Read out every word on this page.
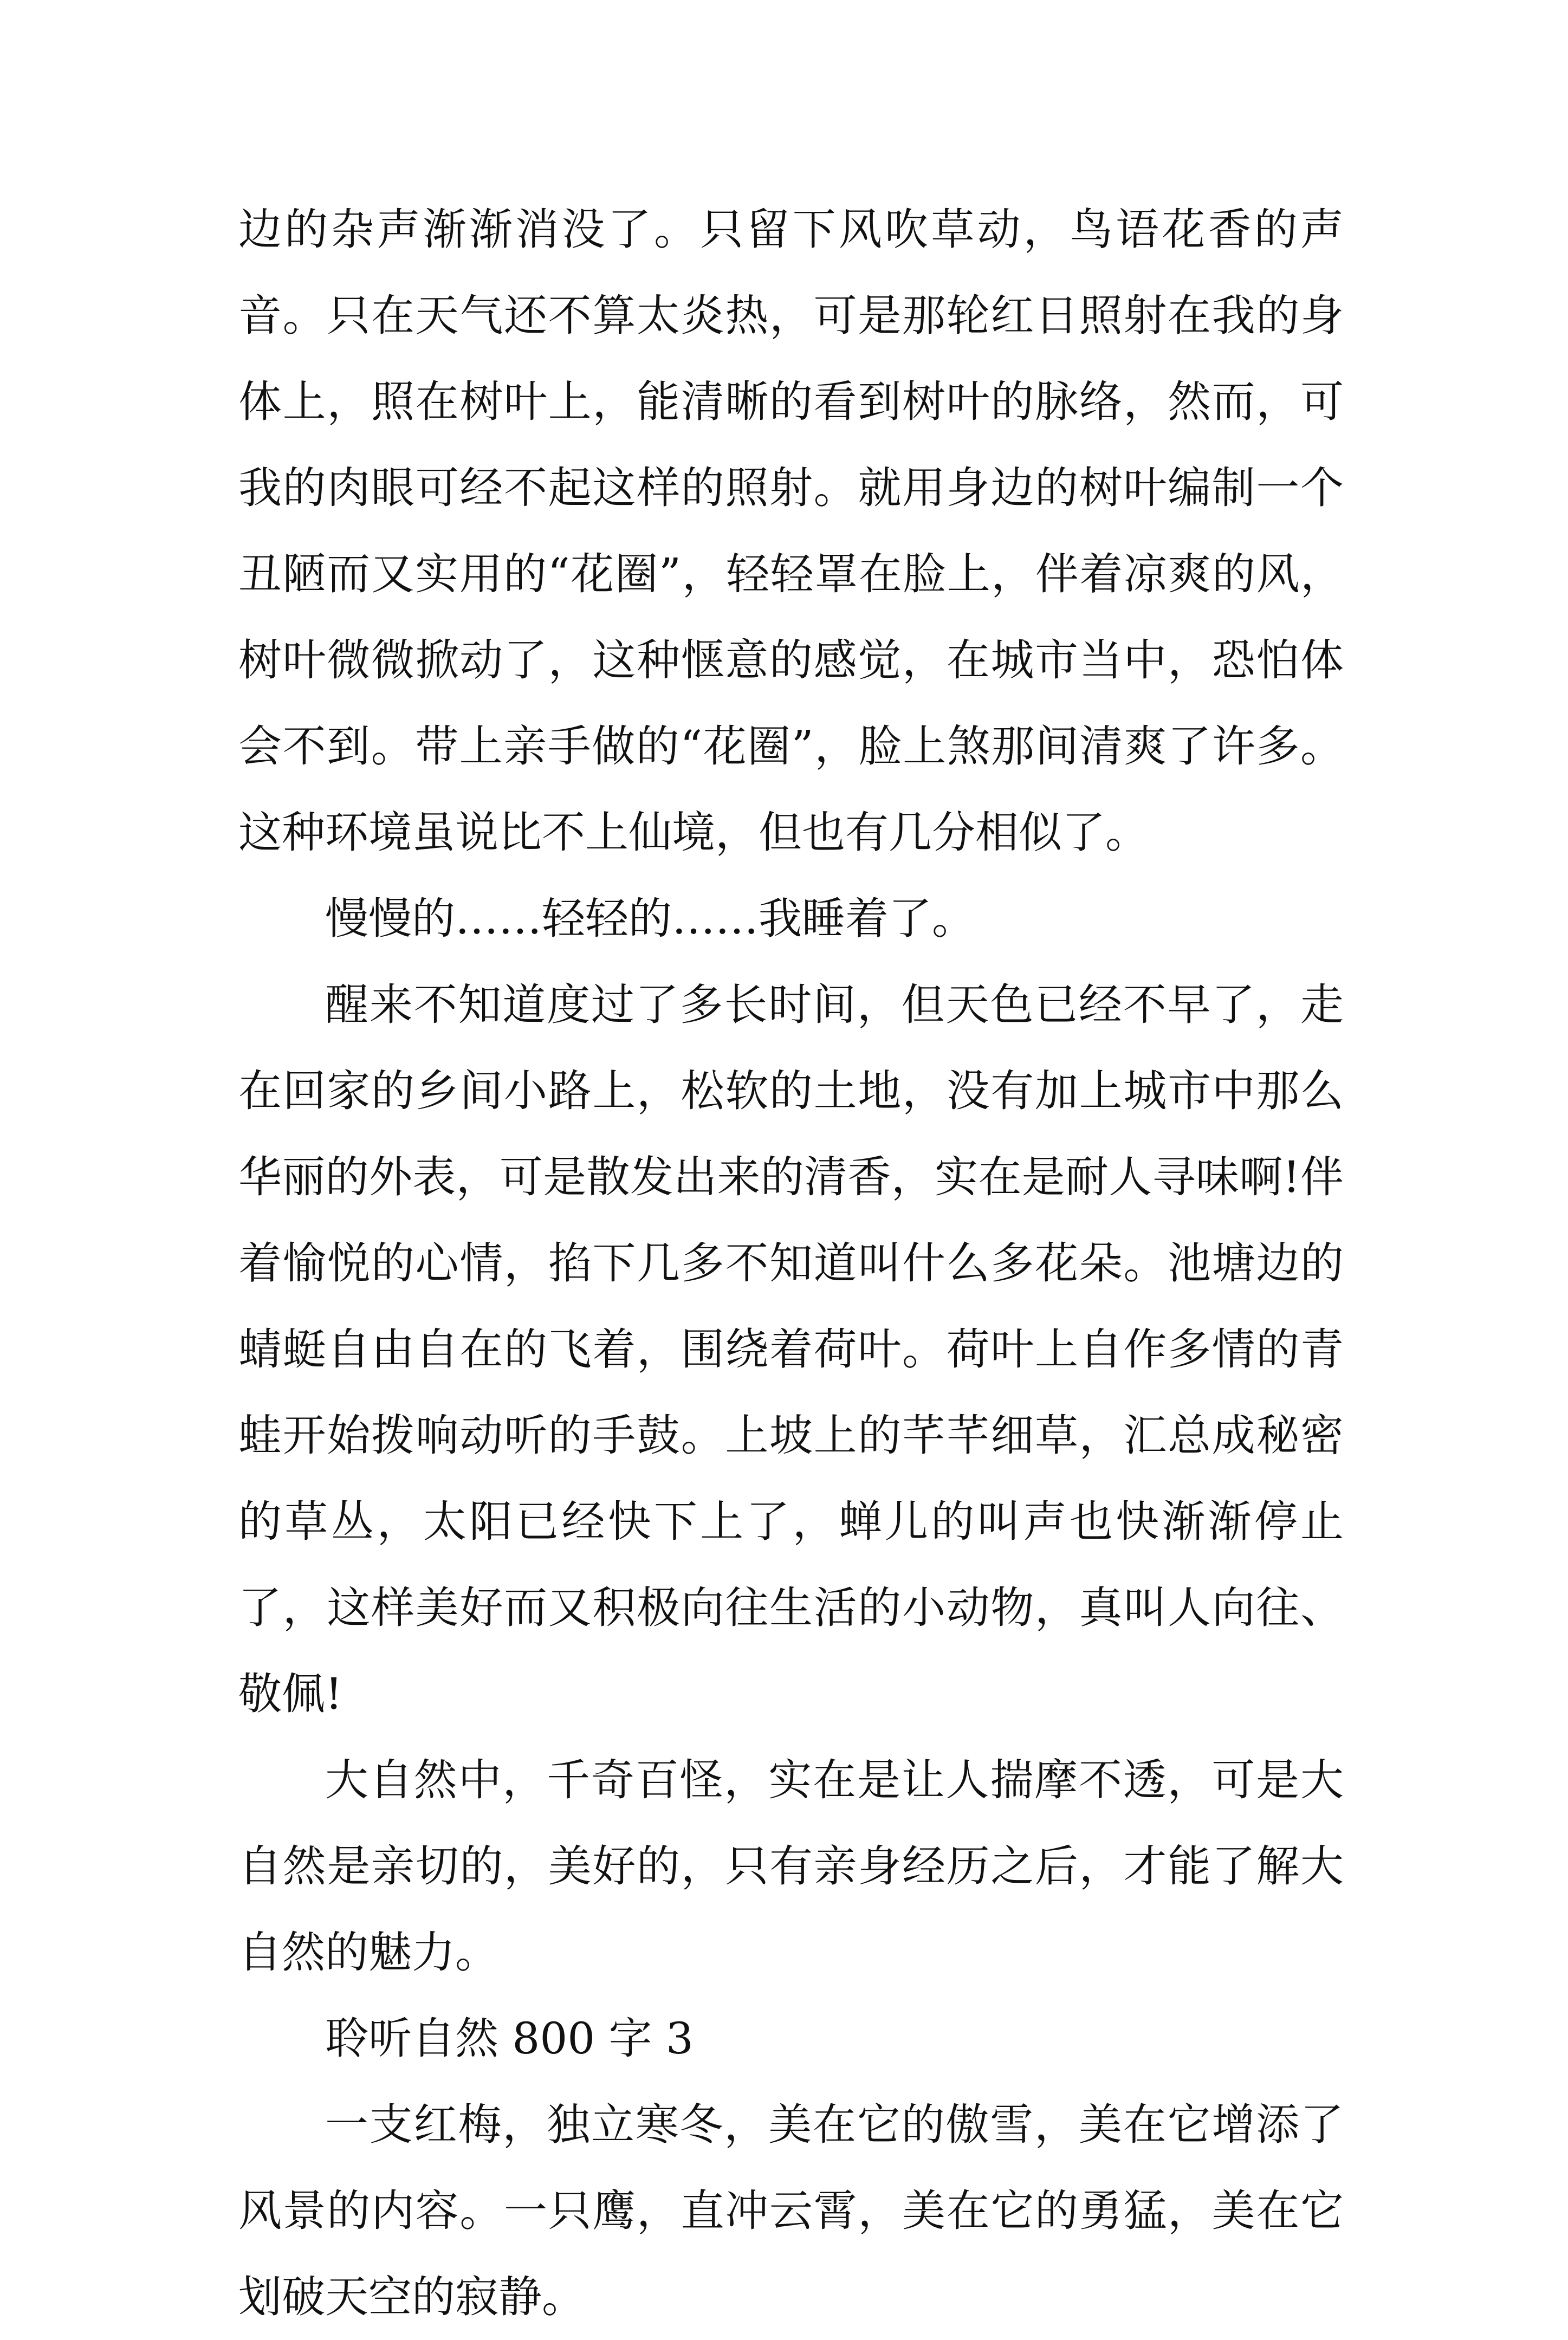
边的杂声渐渐消没了。只留下风吹草动，鸟语花香的声音。只在天气还不算太炎热，可是那轮红日照射在我的身体上，照在树叶上，能清晰的看到树叶的脉络，然而，可我的肉眼可经不起这样的照射。就用身边的树叶编制一个丑陋而又实用的“花圈”，轻轻罩在脸上，伴着凉爽的风，树叶微微掀动了，这种惬意的感觉，在城市当中，恐怕体会不到。带上亲手做的“花圈”，脸上煞那间清爽了许多。这种环境虽说比不上仙境，但也有几分相似了。

慢慢的……轻轻的……我睡着了。

醒来不知道度过了多长时间，但天色已经不早了，走在回家的乡间小路上，松软的土地，没有加上城市中那么华丽的外表，可是散发出来的清香，实在是耐人寻味啊!伴着愉悦的心情，掐下几多不知道叫什么多花朵。池塘边的蜻蜓自由自在的飞着，围绕着荷叶。荷叶上自作多情的青蛙开始拨响动听的手鼓。上坡上的芊芊细草，汇总成秘密的草丛，太阳已经快下上了，蝉儿的叫声也快渐渐停止了，这样美好而又积极向往生活的小动物，真叫人向往、敬佩!

大自然中，千奇百怪，实在是让人揣摩不透，可是大自然是亲切的，美好的，只有亲身经历之后，才能了解大自然的魅力。

聆听自然 800 字 3

一支红梅，独立寒冬，美在它的傲雪，美在它增添了风景的内容。一只鹰，直冲云霄，美在它的勇猛，美在它划破天空的寂静。
